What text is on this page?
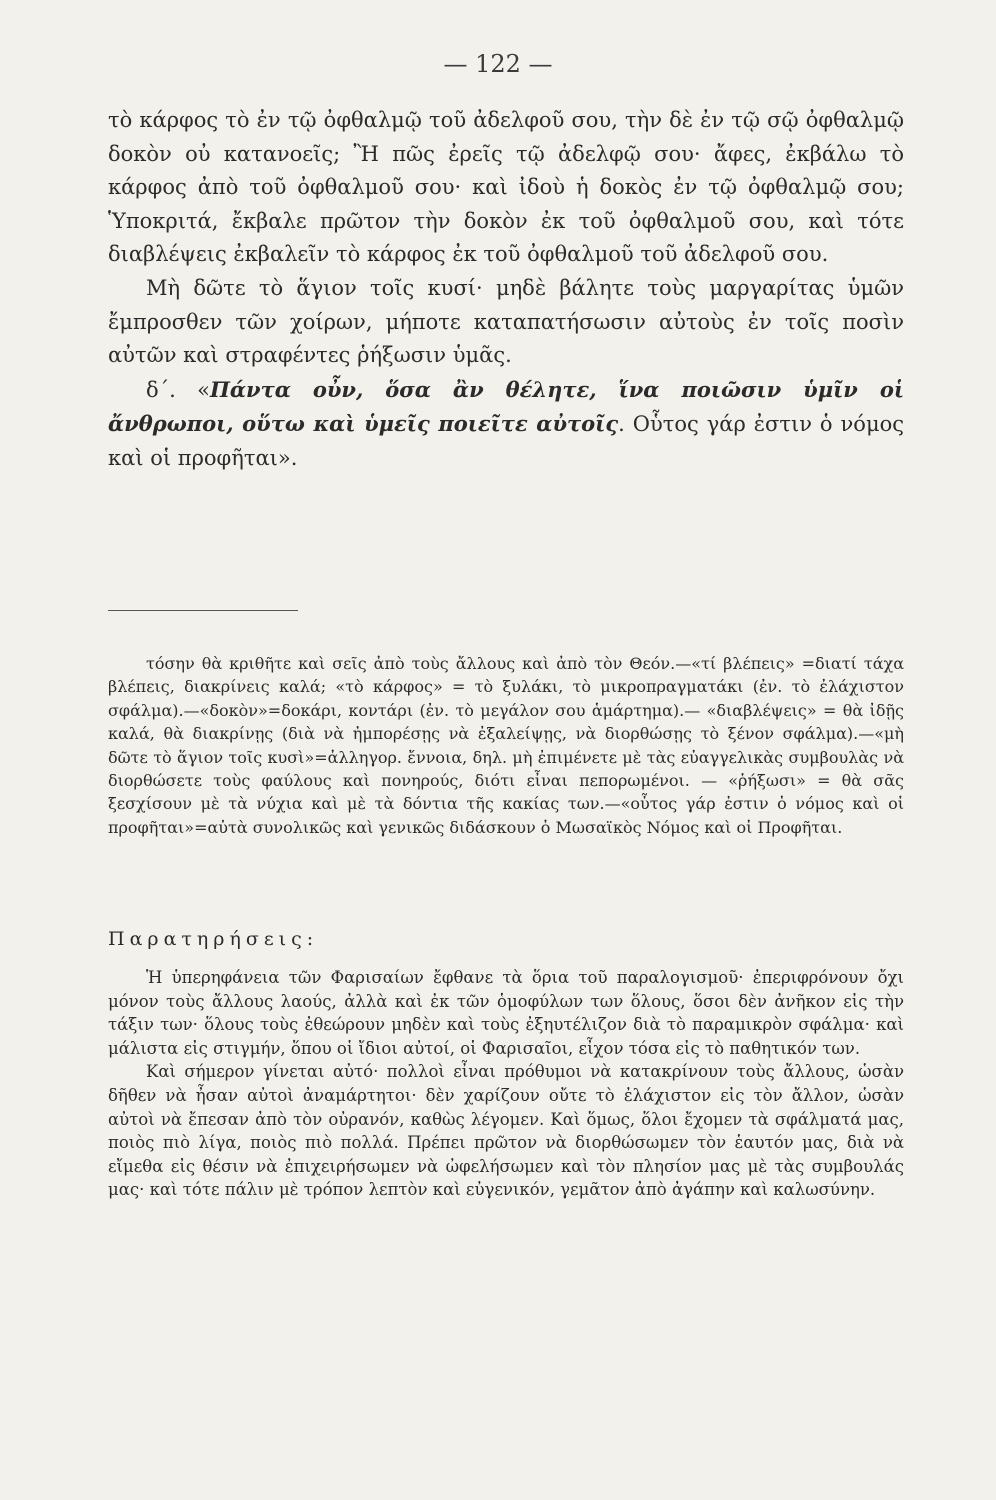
— 122 —

τὸ κάρφος τὸ ἐν τῷ ὀφθαλμῷ τοῦ ἀδελφοῦ σου, τὴν δὲ ἐν τῷ σῷ ὀφθαλμῷ δοκὸν οὐ κατανοεῖς; Ἢ πῶς ἐρεῖς τῷ ἀδελφῷ σου· ἄφες, ἐκβάλω τὸ κάρφος ἀπὸ τοῦ ὀφθαλμοῦ σου· καὶ ἰδοὺ ἡ δοκὸς ἐν τῷ ὀφθαλμῷ σου; Ὑποκριτά, ἔκβαλε πρῶτον τὴν δοκὸν ἐκ τοῦ ὀφθαλμοῦ σου, καὶ τότε διαβλέψεις ἐκβαλεῖν τὸ κάρφος ἐκ τοῦ ὀφθαλμοῦ τοῦ ἀδελφοῦ σου.

Μὴ δῶτε τὸ ἅγιον τοῖς κυσί· μηδὲ βάλητε τοὺς μαργαρίτας ὑμῶν ἔμπροσθεν τῶν χοίρων, μήποτε καταπατήσωσιν αὐτοὺς ἐν τοῖς ποσὶν αὐτῶν καὶ στραφέντες ῥήξωσιν ὑμᾶς.

δ΄. «Πάντα οὖν, ὅσα ἂν θέλητε, ἵνα ποιῶσιν ὑμῖν οἱ ἄνθρωποι, οὕτω καὶ ὑμεῖς ποιεῖτε αὐτοῖς. Οὗτος γάρ ἐστιν ὁ νόμος καὶ οἱ προφῆται».

τόσην θὰ κριθῆτε καὶ σεῖς ἀπὸ τοὺς ἄλλους καὶ ἀπὸ τὸν Θεόν.—«τί βλέπεις» =διατί τάχα βλέπεις, διακρίνεις καλά; «τὸ κάρφος» = τὸ ξυλάκι, τὸ μικροπραγματάκι (ἐν. τὸ ἐλάχιστον σφάλμα).—«δοκὸν»=δοκάρι, κοντάρι (ἐν. τὸ μεγάλον σου ἁμάρτημα).— «διαβλέψεις» = θὰ ἰδῇς καλά, θὰ διακρίνῃς (διὰ νὰ ἠμπορέσῃς νὰ ἐξαλείψῃς, νὰ διορθώσῃς τὸ ξένον σφάλμα).—«μὴ δῶτε τὸ ἅγιον τοῖς κυσὶ»=ἀλληγορ. ἔννοια, δηλ. μὴ ἐπιμένετε μὲ τὰς εὐαγγελικὰς συμβουλὰς νὰ διορθώσετε τοὺς φαύλους καὶ πονηρούς, διότι εἶναι πεπορωμένοι. — «ῥήξωσι» = θὰ σᾶς ξεσχίσουν μὲ τὰ νύχια καὶ μὲ τὰ δόντια τῆς κακίας των.—«οὗτος γάρ ἐστιν ὁ νόμος καὶ οἱ προφῆται»=αὐτὰ συνολικῶς καὶ γενικῶς διδάσκουν ὁ Μωσαϊκὸς Νόμος καὶ οἱ Προφῆται.

Παρατηρήσεις:

Ἡ ὑπερηφάνεια τῶν Φαρισαίων ἔφθανε τὰ ὅρια τοῦ παραλογισμοῦ· ἐπεριφρόνουν ὄχι μόνον τοὺς ἄλλους λαούς, ἀλλὰ καὶ ἐκ τῶν ὁμοφύλων των ὅλους, ὅσοι δὲν ἀνῆκον εἰς τὴν τάξιν των· ὅλους τοὺς ἐθεώρουν μηδὲν καὶ τοὺς ἐξηυτέλιζον διὰ τὸ παραμικρὸν σφάλμα· καὶ μάλιστα εἰς στιγμήν, ὅπου οἱ ἴδιοι αὐτοί, οἱ Φαρισαῖοι, εἶχον τόσα εἰς τὸ παθητικόν των.

Καὶ σήμερον γίνεται αὐτό· πολλοὶ εἶναι πρόθυμοι νὰ κατακρίνουν τοὺς ἄλλους, ὡσὰν δῆθεν νὰ ἦσαν αὐτοὶ ἀναμάρτητοι· δὲν χαρίζουν οὔτε τὸ ἐλάχιστον εἰς τὸν ἄλλον, ὡσὰν αὐτοὶ νὰ ἔπεσαν ἀπὸ τὸν οὐρανόν, καθὼς λέγομεν. Καὶ ὅμως, ὅλοι ἔχομεν τὰ σφάλματά μας, ποιὸς πιὸ λίγα, ποιὸς πιὸ πολλά. Πρέπει πρῶτον νὰ διορθώσωμεν τὸν ἑαυτόν μας, διὰ νὰ εἴμεθα εἰς θέσιν νὰ ἐπιχειρήσωμεν νὰ ὠφελήσωμεν καὶ τὸν πλησίον μας μὲ τὰς συμβουλάς μας· καὶ τότε πάλιν μὲ τρόπον λεπτὸν καὶ εὐγενικόν, γεμᾶτον ἀπὸ ἀγάπην καὶ καλωσύνην.
